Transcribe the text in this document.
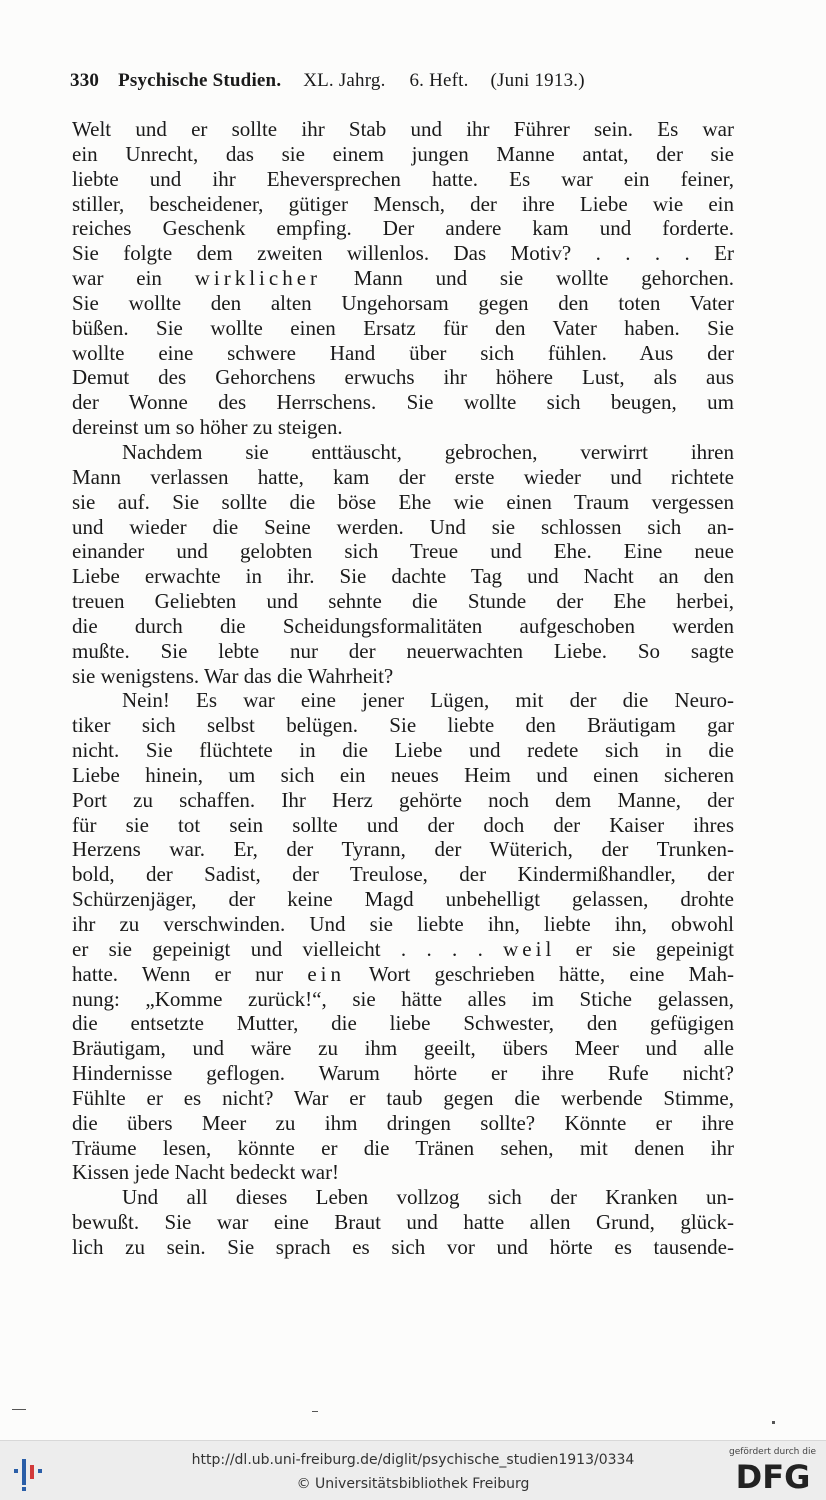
330 Psychische Studien. XL. Jahrg. 6. Heft. (Juni 1913.)
Welt und er sollte ihr Stab und ihr Führer sein. Es war
ein Unrecht, das sie einem jungen Manne antat, der sie
liebte und ihr Eheversprechen hatte. Es war ein feiner,
stiller, bescheidener, gütiger Mensch, der ihre Liebe wie ein
reiches Geschenk empfing. Der andere kam und forderte.
Sie folgte dem zweiten willenlos. Das Motiv? . . . . Er
war ein wirklicher Mann und sie wollte gehorchen.
Sie wollte den alten Ungehorsam gegen den toten Vater
büßen. Sie wollte einen Ersatz für den Vater haben. Sie
wollte eine schwere Hand über sich fühlen. Aus der
Demut des Gehorchens erwuchs ihr höhere Lust, als aus
der Wonne des Herrschens. Sie wollte sich beugen, um
dereinst um so höher zu steigen.
Nachdem sie enttäuscht, gebrochen, verwirrt ihren
Mann verlassen hatte, kam der erste wieder und richtete
sie auf. Sie sollte die böse Ehe wie einen Traum vergessen
und wieder die Seine werden. Und sie schlossen sich an-
einander und gelobten sich Treue und Ehe. Eine neue
Liebe erwachte in ihr. Sie dachte Tag und Nacht an den
treuen Geliebten und sehnte die Stunde der Ehe herbei,
die durch die Scheidungsformalitäten aufgeschoben werden
mußte. Sie lebte nur der neuerwachten Liebe. So sagte
sie wenigstens. War das die Wahrheit?
Nein! Es war eine jener Lügen, mit der die Neuro-
tiker sich selbst belügen. Sie liebte den Bräutigam gar
nicht. Sie flüchtete in die Liebe und redete sich in die
Liebe hinein, um sich ein neues Heim und einen sicheren
Port zu schaffen. Ihr Herz gehörte noch dem Manne, der
für sie tot sein sollte und der doch der Kaiser ihres
Herzens war. Er, der Tyrann, der Wüterich, der Trunken-
bold, der Sadist, der Treulose, der Kindermißhandler, der
Schürzenjäger, der keine Magd unbehelligt gelassen, drohte
ihr zu verschwinden. Und sie liebte ihn, liebte ihn, obwohl
er sie gepeinigt und vielleicht . . . . weil er sie gepeinigt
hatte. Wenn er nur ein Wort geschrieben hätte, eine Mah-
nung: „Komme zurück!“, sie hätte alles im Stiche gelassen,
die entsetzte Mutter, die liebe Schwester, den gefügigen
Bräutigam, und wäre zu ihm geeilt, übers Meer und alle
Hindernisse geflogen. Warum hörte er ihre Rufe nicht?
Fühlte er es nicht? War er taub gegen die werbende Stimme,
die übers Meer zu ihm dringen sollte? Könnte er ihre
Träume lesen, könnte er die Tränen sehen, mit denen ihr
Kissen jede Nacht bedeckt war!
Und all dieses Leben vollzog sich der Kranken un-
bewußt. Sie war eine Braut und hatte allen Grund, glück-
lich zu sein. Sie sprach es sich vor und hörte es tausende-
http://dl.ub.uni-freiburg.de/diglit/psychische_studien1913/0334
© Universitätsbibliothek Freiburg
gefördert durch die
DFG
